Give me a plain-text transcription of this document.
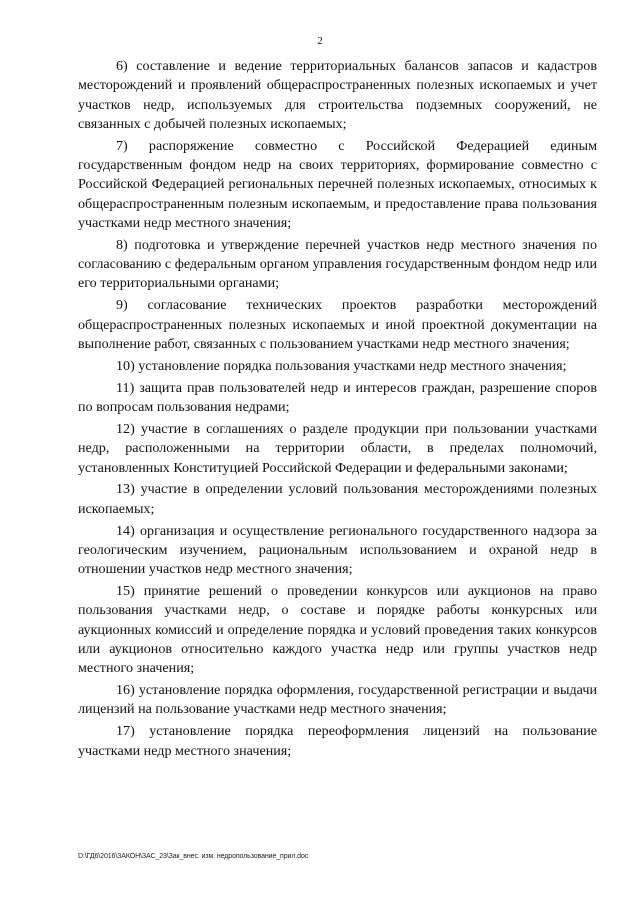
2

6) составление и ведение территориальных балансов запасов и кадастров месторождений и проявлений общераспространенных полезных ископаемых и учет участков недр, используемых для строительства подземных сооружений, не связанных с добычей полезных ископаемых;

7) распоряжение совместно с Российской Федерацией единым государственным фондом недр на своих территориях, формирование совместно с Российской Федерацией региональных перечней полезных ископаемых, относимых к общераспространенным полезным ископаемым, и предоставление права пользования участками недр местного значения;

8) подготовка и утверждение перечней участков недр местного значения по согласованию с федеральным органом управления государственным фондом недр или его территориальными органами;

9) согласование технических проектов разработки месторождений общераспространенных полезных ископаемых и иной проектной документации на выполнение работ, связанных с пользованием участками недр местного значения;

10) установление порядка пользования участками недр местного значения;

11) защита прав пользователей недр и интересов граждан, разрешение споров по вопросам пользования недрами;

12) участие в соглашениях о разделе продукции при пользовании участками недр, расположенными на территории области, в пределах полномочий, установленных Конституцией Российской Федерации и федеральными законами;

13) участие в определении условий пользования месторождениями полезных ископаемых;

14) организация и осуществление регионального государственного надзора за геологическим изучением, рациональным использованием и охраной недр в отношении участков недр местного значения;

15) принятие решений о проведении конкурсов или аукционов на право пользования участками недр, о составе и порядке работы конкурсных или аукционных комиссий и определение порядка и условий проведения таких конкурсов или аукционов относительно каждого участка недр или группы участков недр местного значения;

16) установление порядка оформления, государственной регистрации и выдачи лицензий на пользование участками недр местного значения;

17) установление порядка переоформления лицензий на пользование участками недр местного значения;

D:\ГД6\2016\ЗАКОН\ЗАС_23\Зак_внес. изм. недропользование_прил.doc
